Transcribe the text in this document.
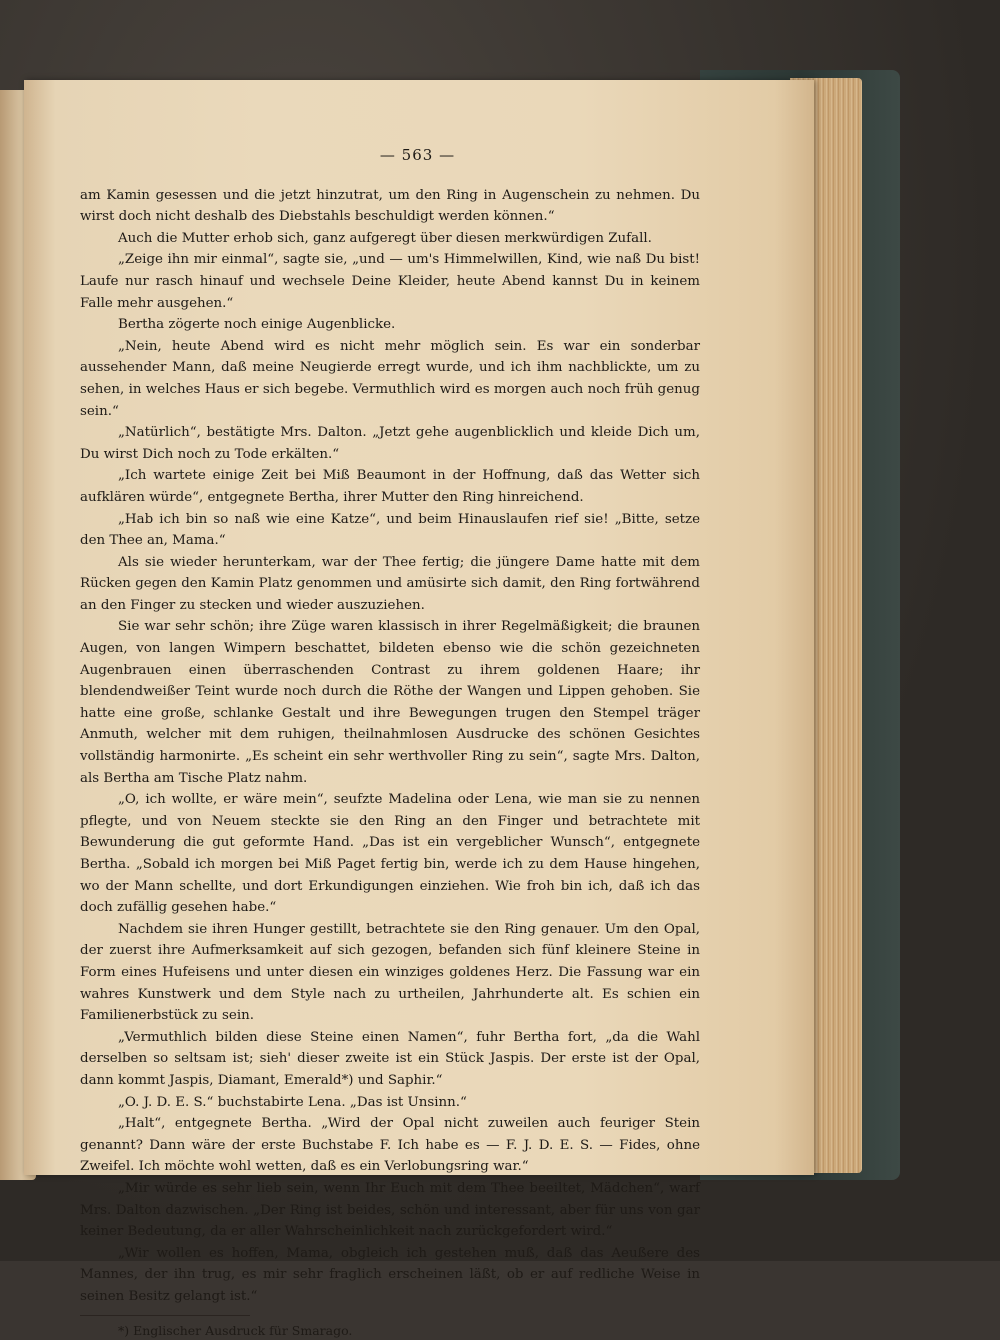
— 563 —

am Kamin gesessen und die jetzt hinzutrat, um den Ring in Augenschein zu nehmen. Du wirst doch nicht deshalb des Diebstahls beschuldigt werden können.“

Auch die Mutter erhob sich, ganz aufgeregt über diesen merkwürdigen Zufall.

„Zeige ihn mir einmal“, sagte sie, „und — um's Himmelwillen, Kind, wie naß Du bist! Laufe nur rasch hinauf und wechsele Deine Kleider, heute Abend kannst Du in keinem Falle mehr ausgehen.“

Bertha zögerte noch einige Augenblicke.

„Nein, heute Abend wird es nicht mehr möglich sein. Es war ein sonderbar aussehender Mann, daß meine Neugierde erregt wurde, und ich ihm nachblickte, um zu sehen, in welches Haus er sich begebe. Vermuthlich wird es morgen auch noch früh genug sein.“

„Natürlich“, bestätigte Mrs. Dalton. „Jetzt gehe augenblicklich und kleide Dich um, Du wirst Dich noch zu Tode erkälten.“

„Ich wartete einige Zeit bei Miß Beaumont in der Hoffnung, daß das Wetter sich aufklären würde“, entgegnete Bertha, ihrer Mutter den Ring hinreichend.

„Hab ich bin so naß wie eine Katze“, und beim Hinauslaufen rief sie! „Bitte, setze den Thee an, Mama.“

Als sie wieder herunterkam, war der Thee fertig; die jüngere Dame hatte mit dem Rücken gegen den Kamin Platz genommen und amüsirte sich damit, den Ring fortwährend an den Finger zu stecken und wieder auszuziehen.

Sie war sehr schön; ihre Züge waren klassisch in ihrer Regelmäßigkeit; die braunen Augen, von langen Wimpern beschattet, bildeten ebenso wie die schön gezeichneten Augenbrauen einen überraschenden Contrast zu ihrem goldenen Haare; ihr blendendweißer Teint wurde noch durch die Röthe der Wangen und Lippen gehoben. Sie hatte eine große, schlanke Gestalt und ihre Bewegungen trugen den Stempel träger Anmuth, welcher mit dem ruhigen, theilnahmlosen Ausdrucke des schönen Gesichtes vollständig harmonirte. „Es scheint ein sehr werthvoller Ring zu sein“, sagte Mrs. Dalton, als Bertha am Tische Platz nahm.

„O, ich wollte, er wäre mein“, seufzte Madelina oder Lena, wie man sie zu nennen pflegte, und von Neuem steckte sie den Ring an den Finger und betrachtete mit Bewunderung die gut geformte Hand. „Das ist ein vergeblicher Wunsch“, entgegnete Bertha. „Sobald ich morgen bei Miß Paget fertig bin, werde ich zu dem Hause hingehen, wo der Mann schellte, und dort Erkundigungen einziehen. Wie froh bin ich, daß ich das doch zufällig gesehen habe.“

Nachdem sie ihren Hunger gestillt, betrachtete sie den Ring genauer. Um den Opal, der zuerst ihre Aufmerksamkeit auf sich gezogen, befanden sich fünf kleinere Steine in Form eines Hufeisens und unter diesen ein winziges goldenes Herz. Die Fassung war ein wahres Kunstwerk und dem Style nach zu urtheilen, Jahrhunderte alt. Es schien ein Familienerbstück zu sein.

„Vermuthlich bilden diese Steine einen Namen“, fuhr Bertha fort, „da die Wahl derselben so seltsam ist; sieh' dieser zweite ist ein Stück Jaspis. Der erste ist der Opal, dann kommt Jaspis, Diamant, Emerald*) und Saphir.“

„O. J. D. E. S.“ buchstabirte Lena. „Das ist Unsinn.“

„Halt“, entgegnete Bertha. „Wird der Opal nicht zuweilen auch feuriger Stein genannt? Dann wäre der erste Buchstabe F. Ich habe es — F. J. D. E. S. — Fides, ohne Zweifel. Ich möchte wohl wetten, daß es ein Verlobungsring war.“

„Mir würde es sehr lieb sein, wenn Ihr Euch mit dem Thee beeiltet, Mädchen“, warf Mrs. Dalton dazwischen. „Der Ring ist beides, schön und interessant, aber für uns von gar keiner Bedeutung, da er aller Wahrscheinlichkeit nach zurückgefordert wird.“

„Wir wollen es hoffen, Mama, obgleich ich gestehen muß, daß das Aeußere des Mannes, der ihn trug, es mir sehr fraglich erscheinen läßt, ob er auf redliche Weise in seinen Besitz gelangt ist.“

*) Englischer Ausdruck für Smarago.
